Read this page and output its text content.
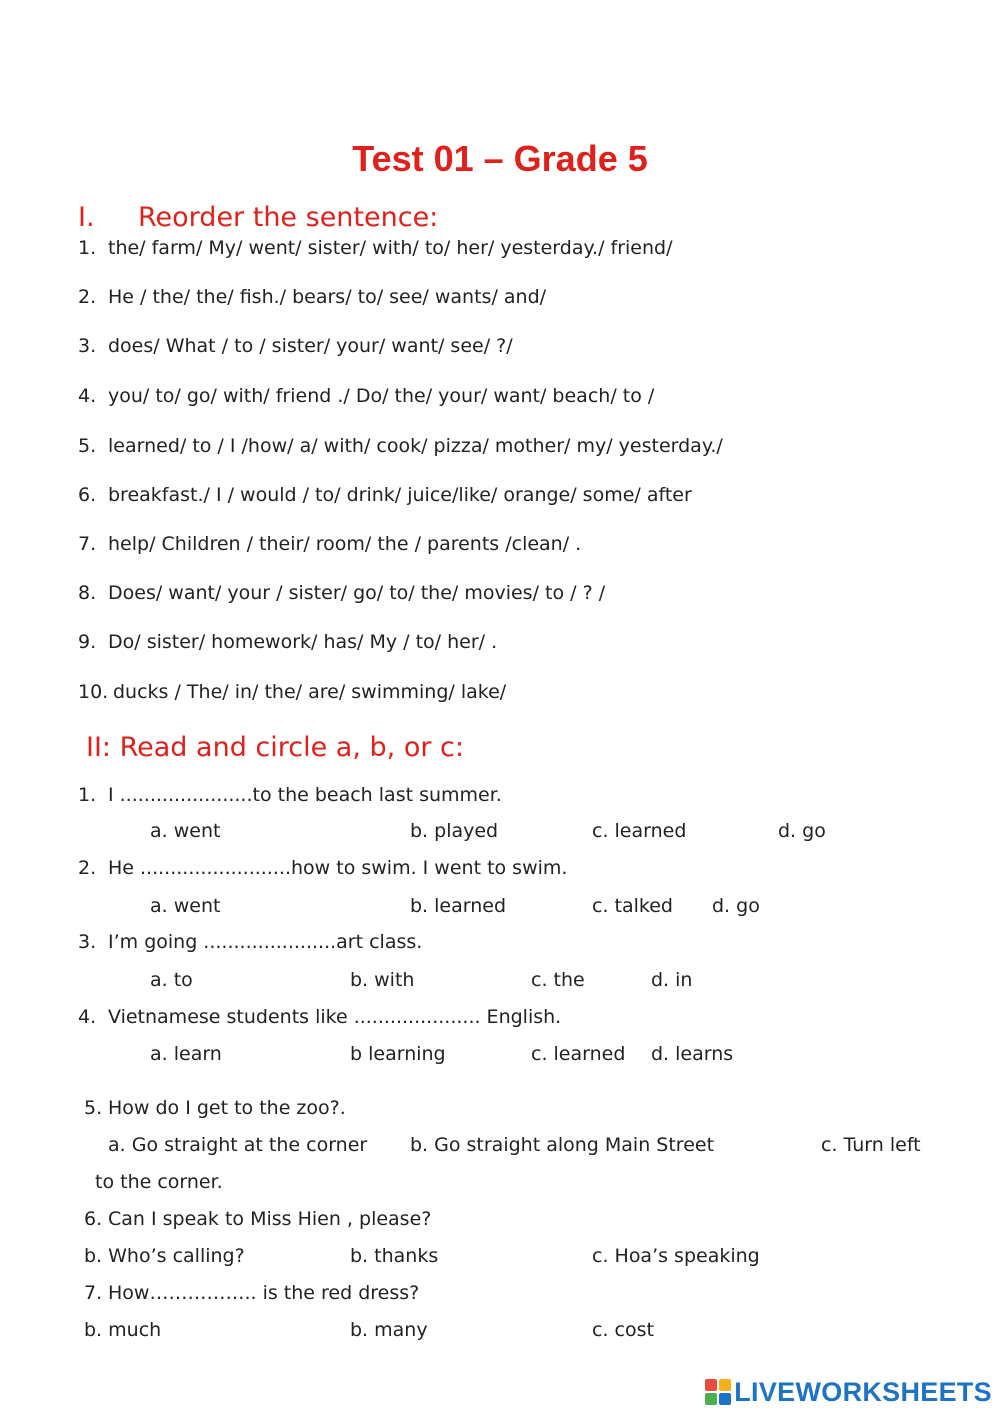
Test 01 – Grade 5
I. Reorder the sentence:
1. the/ farm/ My/ went/ sister/ with/ to/ her/ yesterday./ friend/
2. He / the/ the/ fish./ bears/ to/ see/ wants/ and/
3. does/ What / to / sister/ your/ want/ see/ ?/
4. you/ to/ go/ with/ friend ./ Do/ the/ your/ want/ beach/ to /
5. learned/ to / I /how/ a/ with/ cook/ pizza/ mother/ my/ yesterday./
6. breakfast./ I / would / to/ drink/ juice/like/ orange/ some/ after
7. help/ Children / their/ room/ the / parents /clean/ .
8. Does/ want/ your / sister/ go/ to/ the/ movies/ to / ? /
9. Do/ sister/ homework/ has/ My / to/ her/ .
10. ducks / The/ in/ the/ are/ swimming/ lake/
II: Read and circle a, b, or c:
1. I ......................to the beach last summer.
a. went	b. played	c. learned	d. go
2. He .........................how to swim. I went to swim.
a. went	b. learned	c. talked d. go
3. I’m going ......................art class.
a. to	b. with	c. the	d. in
4. Vietnamese students like ..................... English.
a. learn	b learning	c. learned d. learns
5. How do I get to the zoo?.
a. Go straight at the corner b. Go straight along Main Street	c. Turn left
to the corner.
6. Can I speak to Miss Hien , please?
b. Who’s calling?	b. thanks	c. Hoa’s speaking
7. How…………….. is the red dress?
b. much	b. many	c. cost
LIVEWORKSHEETS
